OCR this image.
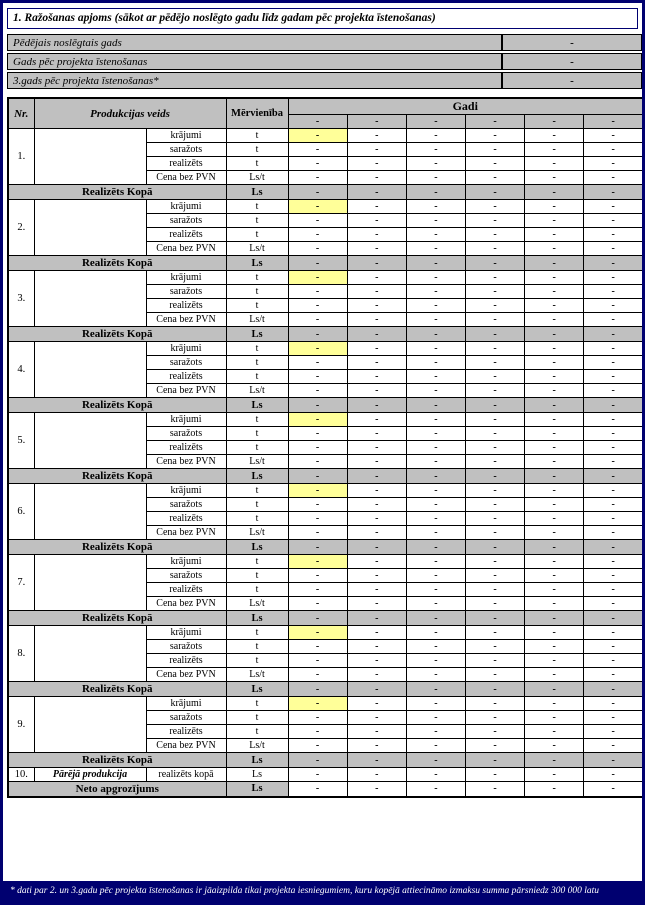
1. Ražošanas apjoms (sākot ar pēdējo noslēgto gadu līdz gadam pēc projekta īstenošanas)
Pēdējais noslēgtais gads	-
Gads pēc projekta īstenošanas	-
3.gads pēc projekta īstenošanas*	-
Nr.	Produkcijas veids		Mērvienība	Gadi					
				-	-	-	-	-	-
1.		krājumi	t	-	-	-	-	-	-
		saražots	t	-	-	-	-	-	-
		realizēts	t	-	-	-	-	-	-
		Cena bez PVN	Ls/t	-	-	-	-	-	-
Realizēts Kopā			Ls	-	-	-	-	-	-
2.		krājumi	t	-	-	-	-	-	-
		saražots	t	-	-	-	-	-	-
		realizēts	t	-	-	-	-	-	-
		Cena bez PVN	Ls/t	-	-	-	-	-	-
Realizēts Kopā			Ls	-	-	-	-	-	-
3.		krājumi	t	-	-	-	-	-	-
		saražots	t	-	-	-	-	-	-
		realizēts	t	-	-	-	-	-	-
		Cena bez PVN	Ls/t	-	-	-	-	-	-
Realizēts Kopā			Ls	-	-	-	-	-	-
4.		krājumi	t	-	-	-	-	-	-
		saražots	t	-	-	-	-	-	-
		realizēts	t	-	-	-	-	-	-
		Cena bez PVN	Ls/t	-	-	-	-	-	-
Realizēts Kopā			Ls	-	-	-	-	-	-
5.		krājumi	t	-	-	-	-	-	-
		saražots	t	-	-	-	-	-	-
		realizēts	t	-	-	-	-	-	-
		Cena bez PVN	Ls/t	-	-	-	-	-	-
Realizēts Kopā			Ls	-	-	-	-	-	-
6.		krājumi	t	-	-	-	-	-	-
		saražots	t	-	-	-	-	-	-
		realizēts	t	-	-	-	-	-	-
		Cena bez PVN	Ls/t	-	-	-	-	-	-
Realizēts Kopā			Ls	-	-	-	-	-	-
7.		krājumi	t	-	-	-	-	-	-
		saražots	t	-	-	-	-	-	-
		realizēts	t	-	-	-	-	-	-
		Cena bez PVN	Ls/t	-	-	-	-	-	-
Realizēts Kopā			Ls	-	-	-	-	-	-
8.		krājumi	t	-	-	-	-	-	-
		saražots	t	-	-	-	-	-	-
		realizēts	t	-	-	-	-	-	-
		Cena bez PVN	Ls/t	-	-	-	-	-	-
Realizēts Kopā			Ls	-	-	-	-	-	-
9.		krājumi	t	-	-	-	-	-	-
		saražots	t	-	-	-	-	-	-
		realizēts	t	-	-	-	-	-	-
		Cena bez PVN	Ls/t	-	-	-	-	-	-
Realizēts Kopā			Ls	-	-	-	-	-	-
10.	Pārējā produkcija	realizēts kopā	Ls	-	-	-	-	-	-
Neto apgrozījums			Ls	-	-	-	-	-	-
* dati par 2. un 3.gadu pēc projekta īstenošanas ir jāaizpilda tikai projekta iesniegumiem, kuru kopējā attiecināmo izmaksu summa pārsniedz 300 000 latu
